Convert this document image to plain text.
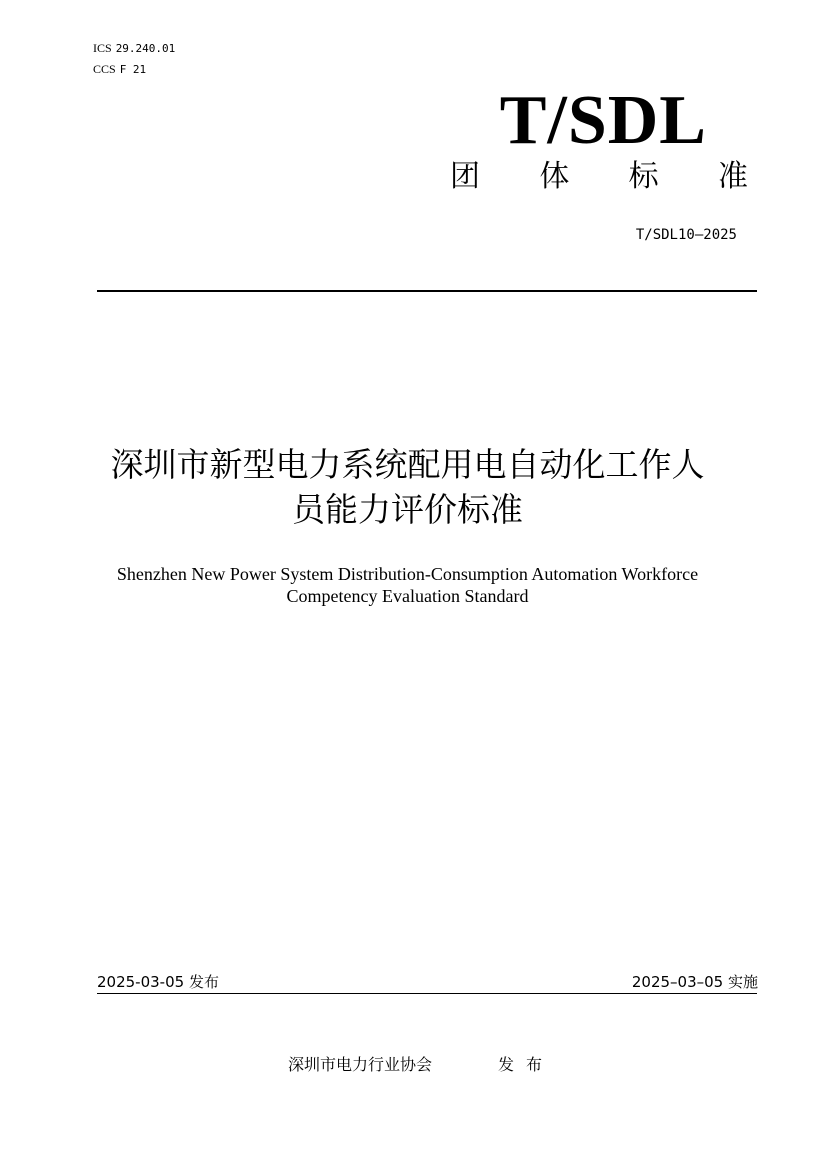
ICS 29.240.01
CCS F 21
T/SDL
团 体 标 准
T/SDL10—2025
深圳市新型电力系统配用电自动化工作人
员能力评价标准
Shenzhen New Power System Distribution-Consumption Automation Workforce
Competency Evaluation Standard
2025-03-05 发布	2025–03–05 实施
深圳市电力行业协会	发布
